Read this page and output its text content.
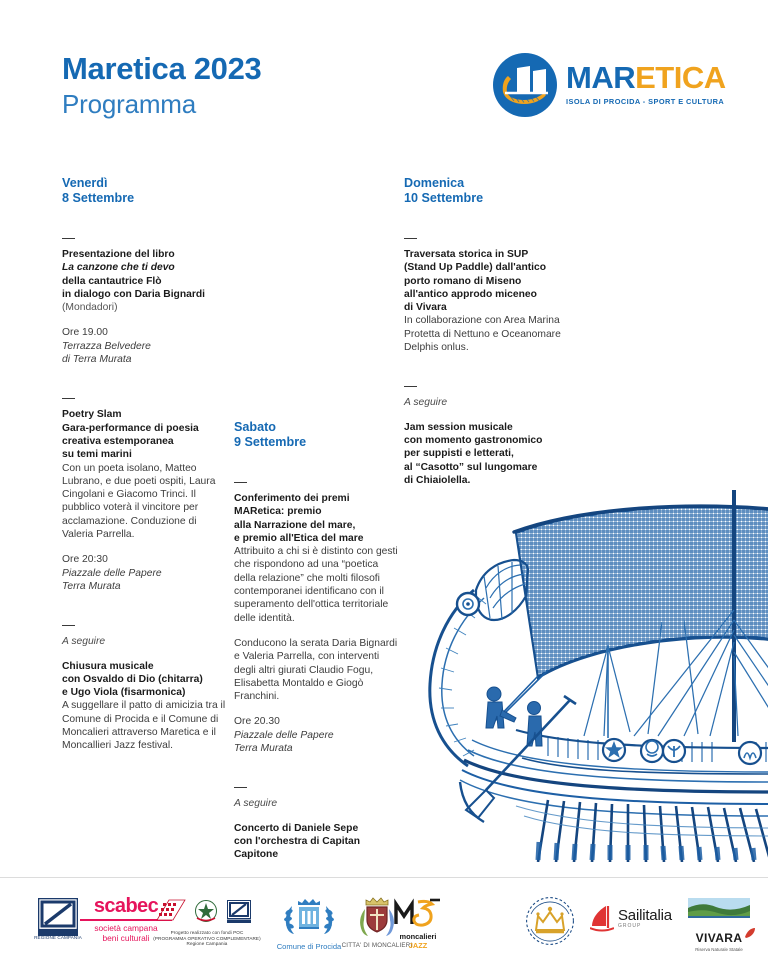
Maretica 2023
Programma
MARETICA
ISOLA DI PROCIDA - SPORT E CULTURA
Venerdì
8 Settembre
Presentazione del libro
La canzone che ti devo
della cantautrice Flò
in dialogo con Daria Bignardi
(Mondadori)
Ore 19.00
Terrazza Belvedere
di Terra Murata
Poetry Slam
Gara-performance di poesia
creativa estemporanea
su temi marini
Con un poeta isolano, Matteo Lubrano, e due poeti ospiti, Laura Cingolani e Giacomo Trinci. Il pubblico voterà il vincitore per acclamazione. Conduzione di Valeria Parrella.
Ore 20:30
Piazzale delle Papere
Terra Murata
A seguire
Chiusura musicale
con Osvaldo di Dio (chitarra)
e Ugo Viola (fisarmonica)
A suggellare il patto di amicizia tra il Comune di Procida e il Comune di Moncalieri attraverso Maretica e il Moncallieri Jazz festival.
Sabato
9 Settembre
Conferimento dei premi
MARetica: premio
alla Narrazione del mare,
e premio all'Etica del mare
Attribuito a chi si è distinto con gesti che rispondono ad una “poetica della relazione” che molti filosofi contemporanei identificano con il superamento dell'ottica territoriale delle identità.
Conducono la serata Daria Bignardi e Valeria Parrella, con interventi degli altri giurati Claudio Fogu, Elisabetta Montaldo e Giogò Franchini.
Ore 20.30
Piazzale delle Papere
Terra Murata
A seguire
Concerto di Daniele Sepe
con l'orchestra di Capitan
Capitone
Domenica
10 Settembre
Traversata storica in SUP
(Stand Up Paddle) dall'antico
porto romano di Miseno
all'antico approdo miceneo
di Vivara
In collaborazione con Area Marina Protetta di Nettuno e Oceanomare Delphis onlus.
A seguire
Jam session musicale
con momento gastronomico
per suppisti e letterati,
al “Casotto” sul lungomare
di Chiaiolella.
REGIONE CAMPANIA
scabec
società campana
beni culturali
Progetto realizzato con fondi POC
(PROGRAMMA OPERATIVO COMPLEMENTARE)
Regione Campania	Comune di Procida CITTA' DI MONCALIERI
moncalieri
JAZZ
Sailitalia
GROUP
VIVARA
Riserva Naturale Statale
